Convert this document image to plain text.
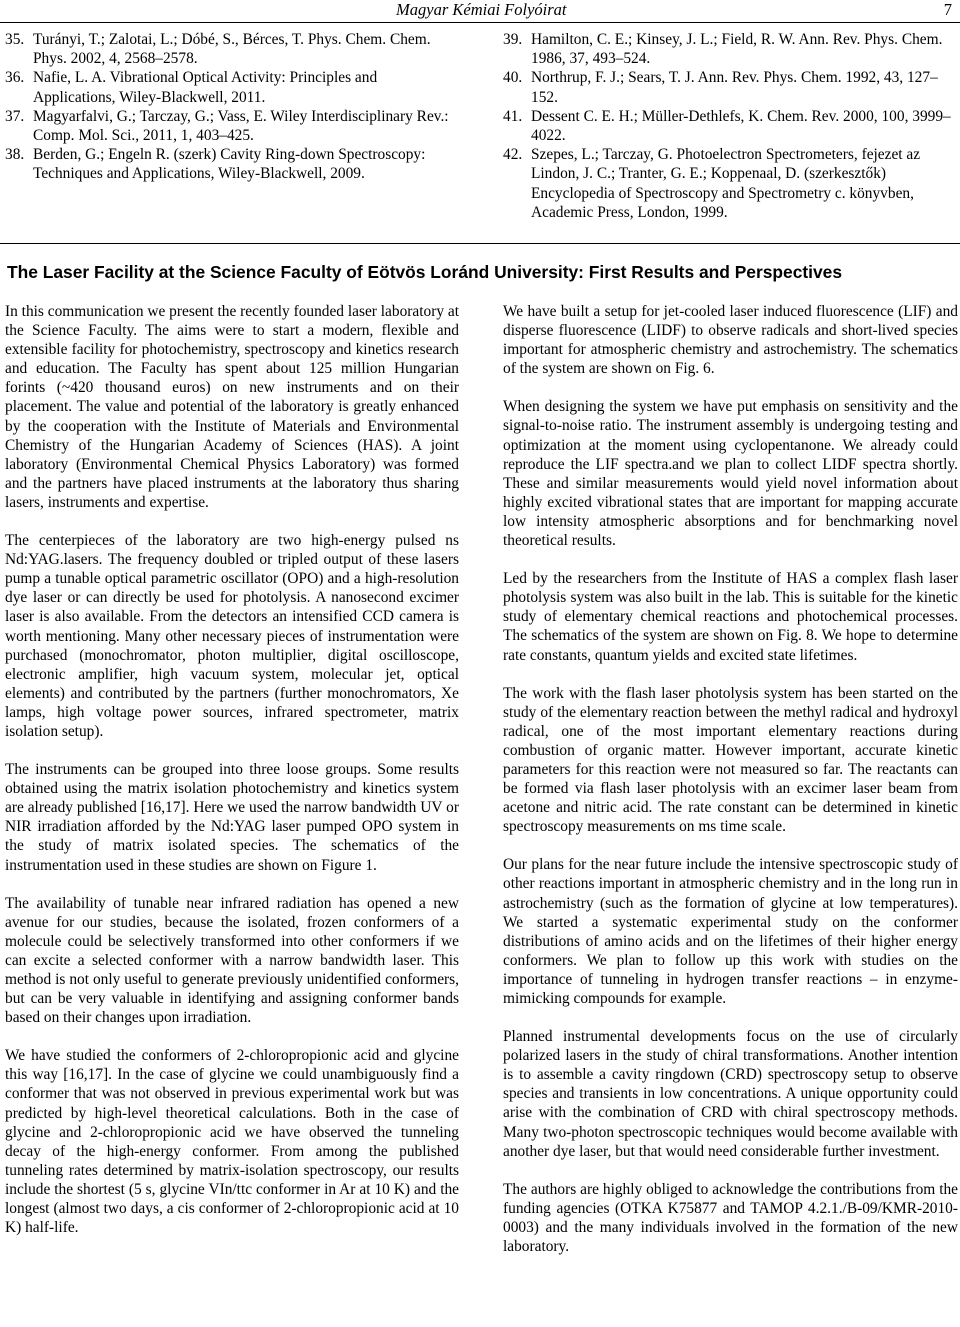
Magyar Kémiai Folyóirat	7
35. Turányi, T.; Zalotai, L.; Dóbé, S., Bérces, T. Phys. Chem. Chem. Phys. 2002, 4, 2568–2578.
36. Nafie, L. A. Vibrational Optical Activity: Principles and Applications, Wiley-Blackwell, 2011.
37. Magyarfalvi, G.; Tarczay, G.; Vass, E. Wiley Interdisciplinary Rev.: Comp. Mol. Sci., 2011, 1, 403–425.
38. Berden, G.; Engeln R. (szerk) Cavity Ring-down Spectroscopy: Techniques and Applications, Wiley-Blackwell, 2009.
39. Hamilton, C. E.; Kinsey, J. L.; Field, R. W. Ann. Rev. Phys. Chem. 1986, 37, 493–524.
40. Northrup, F. J.; Sears, T. J. Ann. Rev. Phys. Chem. 1992, 43, 127–152.
41. Dessent C. E. H.; Müller-Dethlefs, K. Chem. Rev. 2000, 100, 3999–4022.
42. Szepes, L.; Tarczay, G. Photoelectron Spectrometers, fejezet az Lindon, J. C.; Tranter, G. E.; Koppenaal, D. (szerkesztők) Encyclopedia of Spectroscopy and Spectrometry c. könyvben, Academic Press, London, 1999.
The Laser Facility at the Science Faculty of Eötvös Loránd University: First Results and Perspectives

In this communication we present the recently founded laser laboratory at the Science Faculty. The aims were to start a modern, flexible and extensible facility for photochemistry, spectroscopy and kinetics research and education. The Faculty has spent about 125 million Hungarian forints (~420 thousand euros) on new instruments and on their placement. The value and potential of the laboratory is greatly enhanced by the cooperation with the Institute of Materials and Environmental Chemistry of the Hungarian Academy of Sciences (HAS). A joint laboratory (Environmental Chemical Physics Laboratory) was formed and the partners have placed instruments at the laboratory thus sharing lasers, instruments and expertise.

The centerpieces of the laboratory are two high-energy pulsed ns Nd:YAG.lasers. The frequency doubled or tripled output of these lasers pump a tunable optical parametric oscillator (OPO) and a high-resolution dye laser or can directly be used for photolysis. A nanosecond excimer laser is also available. From the detectors an intensified CCD camera is worth mentioning. Many other necessary pieces of instrumentation were purchased (monochromator, photon multiplier, digital oscilloscope, electronic amplifier, high vacuum system, molecular jet, optical elements) and contributed by the partners (further monochromators, Xe lamps, high voltage power sources, infrared spectrometer, matrix isolation setup).

The instruments can be grouped into three loose groups. Some results obtained using the matrix isolation photochemistry and kinetics system are already published [16,17]. Here we used the narrow bandwidth UV or NIR irradiation afforded by the Nd:YAG laser pumped OPO system in the study of matrix isolated species. The schematics of the instrumentation used in these studies are shown on Figure 1.

The availability of tunable near infrared radiation has opened a new avenue for our studies, because the isolated, frozen conformers of a molecule could be selectively transformed into other conformers if we can excite a selected conformer with a narrow bandwidth laser. This method is not only useful to generate previously unidentified conformers, but can be very valuable in identifying and assigning conformer bands based on their changes upon irradiation.

We have studied the conformers of 2-chloropropionic acid and glycine this way [16,17]. In the case of glycine we could unambiguously find a conformer that was not observed in previous experimental work but was predicted by high-level theoretical calculations. Both in the case of glycine and 2-chloropropionic acid we have observed the tunneling decay of the high-energy conformer. From among the published tunneling rates determined by matrix-isolation spectroscopy, our results include the shortest (5 s, glycine VIn/ttc conformer in Ar at 10 K) and the longest (almost two days, a cis conformer of 2-chloropropionic acid at 10 K) half-life.

We have built a setup for jet-cooled laser induced fluorescence (LIF) and disperse fluorescence (LIDF) to observe radicals and short-lived species important for atmospheric chemistry and astrochemistry. The schematics of the system are shown on Fig. 6.

When designing the system we have put emphasis on sensitivity and the signal-to-noise ratio. The instrument assembly is undergoing testing and optimization at the moment using cyclopentanone. We already could reproduce the LIF spectra.and we plan to collect LIDF spectra shortly. These and similar measurements would yield novel information about highly excited vibrational states that are important for mapping accurate low intensity atmospheric absorptions and for benchmarking novel theoretical results.

Led by the researchers from the Institute of HAS a complex flash laser photolysis system was also built in the lab. This is suitable for the kinetic study of elementary chemical reactions and photochemical processes. The schematics of the system are shown on Fig. 8. We hope to determine rate constants, quantum yields and excited state lifetimes.

The work with the flash laser photolysis system has been started on the study of the elementary reaction between the methyl radical and hydroxyl radical, one of the most important elementary reactions during combustion of organic matter. However important, accurate kinetic parameters for this reaction were not measured so far. The reactants can be formed via flash laser photolysis with an excimer laser beam from acetone and nitric acid. The rate constant can be determined in kinetic spectroscopy measurements on ms time scale.

Our plans for the near future include the intensive spectroscopic study of other reactions important in atmospheric chemistry and in the long run in astrochemistry (such as the formation of glycine at low temperatures). We started a systematic experimental study on the conformer distributions of amino acids and on the lifetimes of their higher energy conformers. We plan to follow up this work with studies on the importance of tunneling in hydrogen transfer reactions – in enzyme-mimicking compounds for example.

Planned instrumental developments focus on the use of circularly polarized lasers in the study of chiral transformations. Another intention is to assemble a cavity ringdown (CRD) spectroscopy setup to observe species and transients in low concentrations. A unique opportunity could arise with the combination of CRD with chiral spectroscopy methods. Many two-photon spectroscopic techniques would become available with another dye laser, but that would need considerable further investment.

The authors are highly obliged to acknowledge the contributions from the funding agencies (OTKA K75877 and TAMOP 4.2.1./B-09/KMR-2010-0003) and the many individuals involved in the formation of the new laboratory.
